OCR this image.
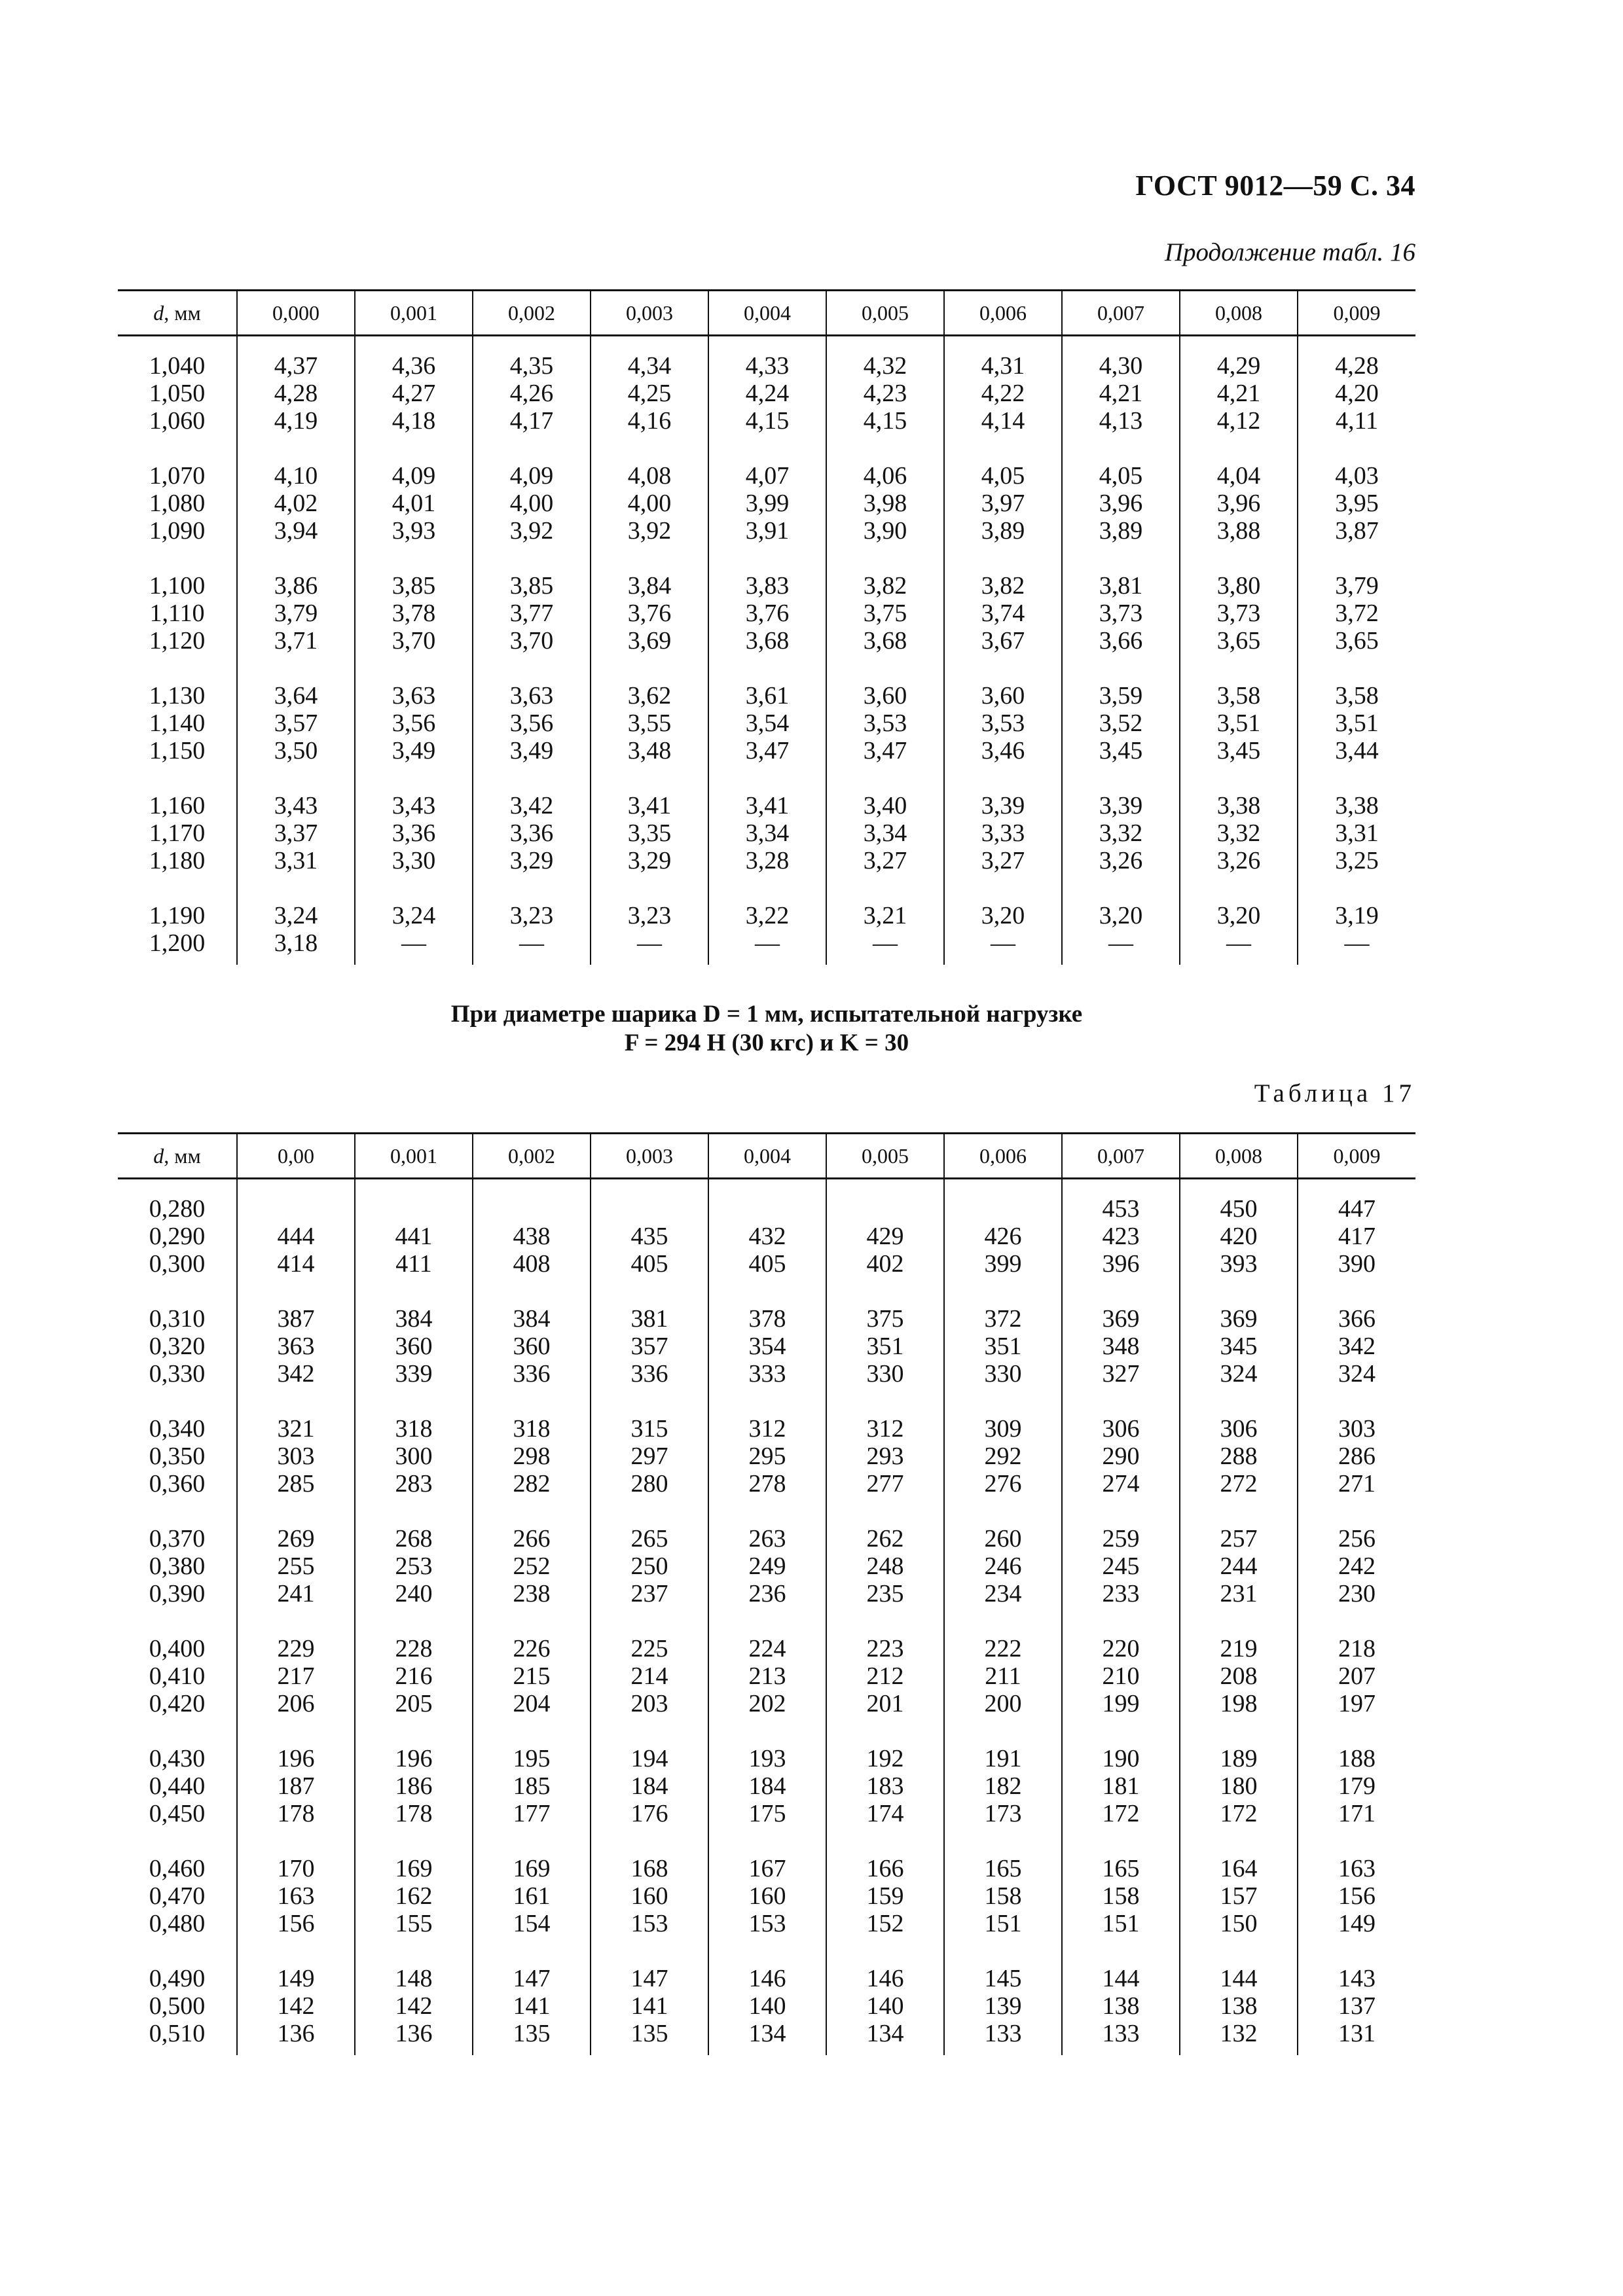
ГОСТ 9012—59 С. 34
Продолжение табл. 16
d, мм	0,000	0,001	0,002	0,003	0,004	0,005	0,006	0,007	0,008	0,009

1,040	4,37	4,36	4,35	4,34	4,33	4,32	4,31	4,30	4,29	4,28
1,050	4,28	4,27	4,26	4,25	4,24	4,23	4,22	4,21	4,21	4,20
1,060	4,19	4,18	4,17	4,16	4,15	4,15	4,14	4,13	4,12	4,11

1,070	4,10	4,09	4,09	4,08	4,07	4,06	4,05	4,05	4,04	4,03
1,080	4,02	4,01	4,00	4,00	3,99	3,98	3,97	3,96	3,96	3,95
1,090	3,94	3,93	3,92	3,92	3,91	3,90	3,89	3,89	3,88	3,87

1,100	3,86	3,85	3,85	3,84	3,83	3,82	3,82	3,81	3,80	3,79
1,110	3,79	3,78	3,77	3,76	3,76	3,75	3,74	3,73	3,73	3,72
1,120	3,71	3,70	3,70	3,69	3,68	3,68	3,67	3,66	3,65	3,65

1,130	3,64	3,63	3,63	3,62	3,61	3,60	3,60	3,59	3,58	3,58
1,140	3,57	3,56	3,56	3,55	3,54	3,53	3,53	3,52	3,51	3,51
1,150	3,50	3,49	3,49	3,48	3,47	3,47	3,46	3,45	3,45	3,44

1,160	3,43	3,43	3,42	3,41	3,41	3,40	3,39	3,39	3,38	3,38
1,170	3,37	3,36	3,36	3,35	3,34	3,34	3,33	3,32	3,32	3,31
1,180	3,31	3,30	3,29	3,29	3,28	3,27	3,27	3,26	3,26	3,25

1,190	3,24	3,24	3,23	3,23	3,22	3,21	3,20	3,20	3,20	3,19
1,200	3,18	—	—	—	—	—	—	—	—	—

При диаметре шарика D = 1 мм, испытательной нагрузке
F = 294 Н (30 кгс) и K = 30
Таблица 17
d, мм	0,00	0,001	0,002	0,003	0,004	0,005	0,006	0,007	0,008	0,009

0,280								453	450	447
0,290	444	441	438	435	432	429	426	423	420	417
0,300	414	411	408	405	405	402	399	396	393	390

0,310	387	384	384	381	378	375	372	369	369	366
0,320	363	360	360	357	354	351	351	348	345	342
0,330	342	339	336	336	333	330	330	327	324	324

0,340	321	318	318	315	312	312	309	306	306	303
0,350	303	300	298	297	295	293	292	290	288	286
0,360	285	283	282	280	278	277	276	274	272	271

0,370	269	268	266	265	263	262	260	259	257	256
0,380	255	253	252	250	249	248	246	245	244	242
0,390	241	240	238	237	236	235	234	233	231	230

0,400	229	228	226	225	224	223	222	220	219	218
0,410	217	216	215	214	213	212	211	210	208	207
0,420	206	205	204	203	202	201	200	199	198	197

0,430	196	196	195	194	193	192	191	190	189	188
0,440	187	186	185	184	184	183	182	181	180	179
0,450	178	178	177	176	175	174	173	172	172	171

0,460	170	169	169	168	167	166	165	165	164	163
0,470	163	162	161	160	160	159	158	158	157	156
0,480	156	155	154	153	153	152	151	151	150	149

0,490	149	148	147	147	146	146	145	144	144	143
0,500	142	142	141	141	140	140	139	138	138	137
0,510	136	136	135	135	134	134	133	133	132	131
